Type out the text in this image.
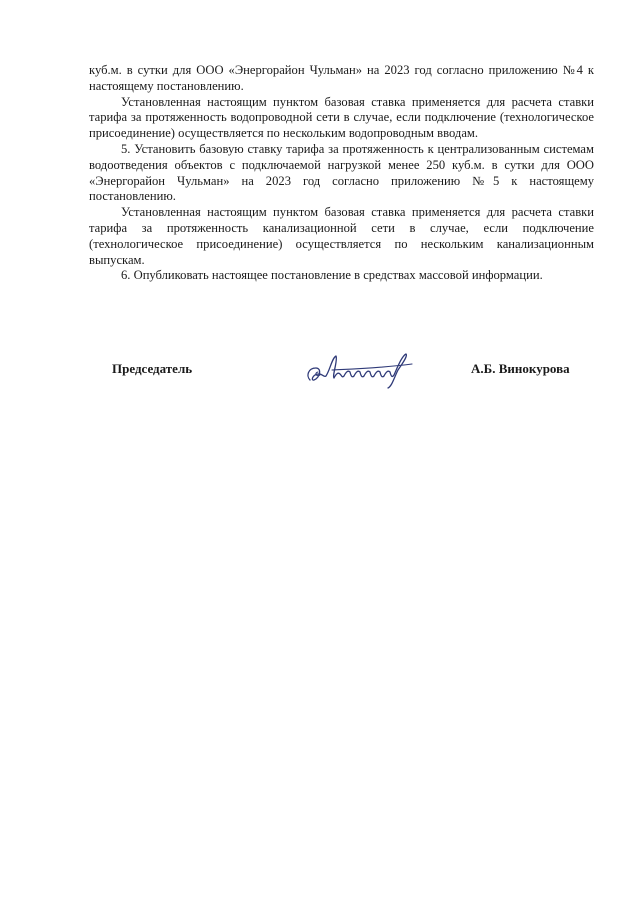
куб.м. в сутки для ООО «Энергорайон Чульман» на 2023 год согласно приложению №4 к настоящему постановлению.

Установленная настоящим пунктом базовая ставка применяется для расчета ставки тарифа за протяженность водопроводной сети в случае, если подключение (технологическое присоединение) осуществляется по нескольким водопроводным вводам.

5. Установить базовую ставку тарифа за протяженность к централизованным системам водоотведения объектов с подключаемой нагрузкой менее 250 куб.м. в сутки для ООО «Энергорайон Чульман» на 2023 год согласно приложению №5 к настоящему постановлению.

Установленная настоящим пунктом базовая ставка применяется для расчета ставки тарифа за протяженность канализационной сети в случае, если подключение (технологическое присоединение) осуществляется по нескольким канализационным выпускам.

6. Опубликовать настоящее постановление в средствах массовой информации.

Председатель	А.Б. Винокурова
